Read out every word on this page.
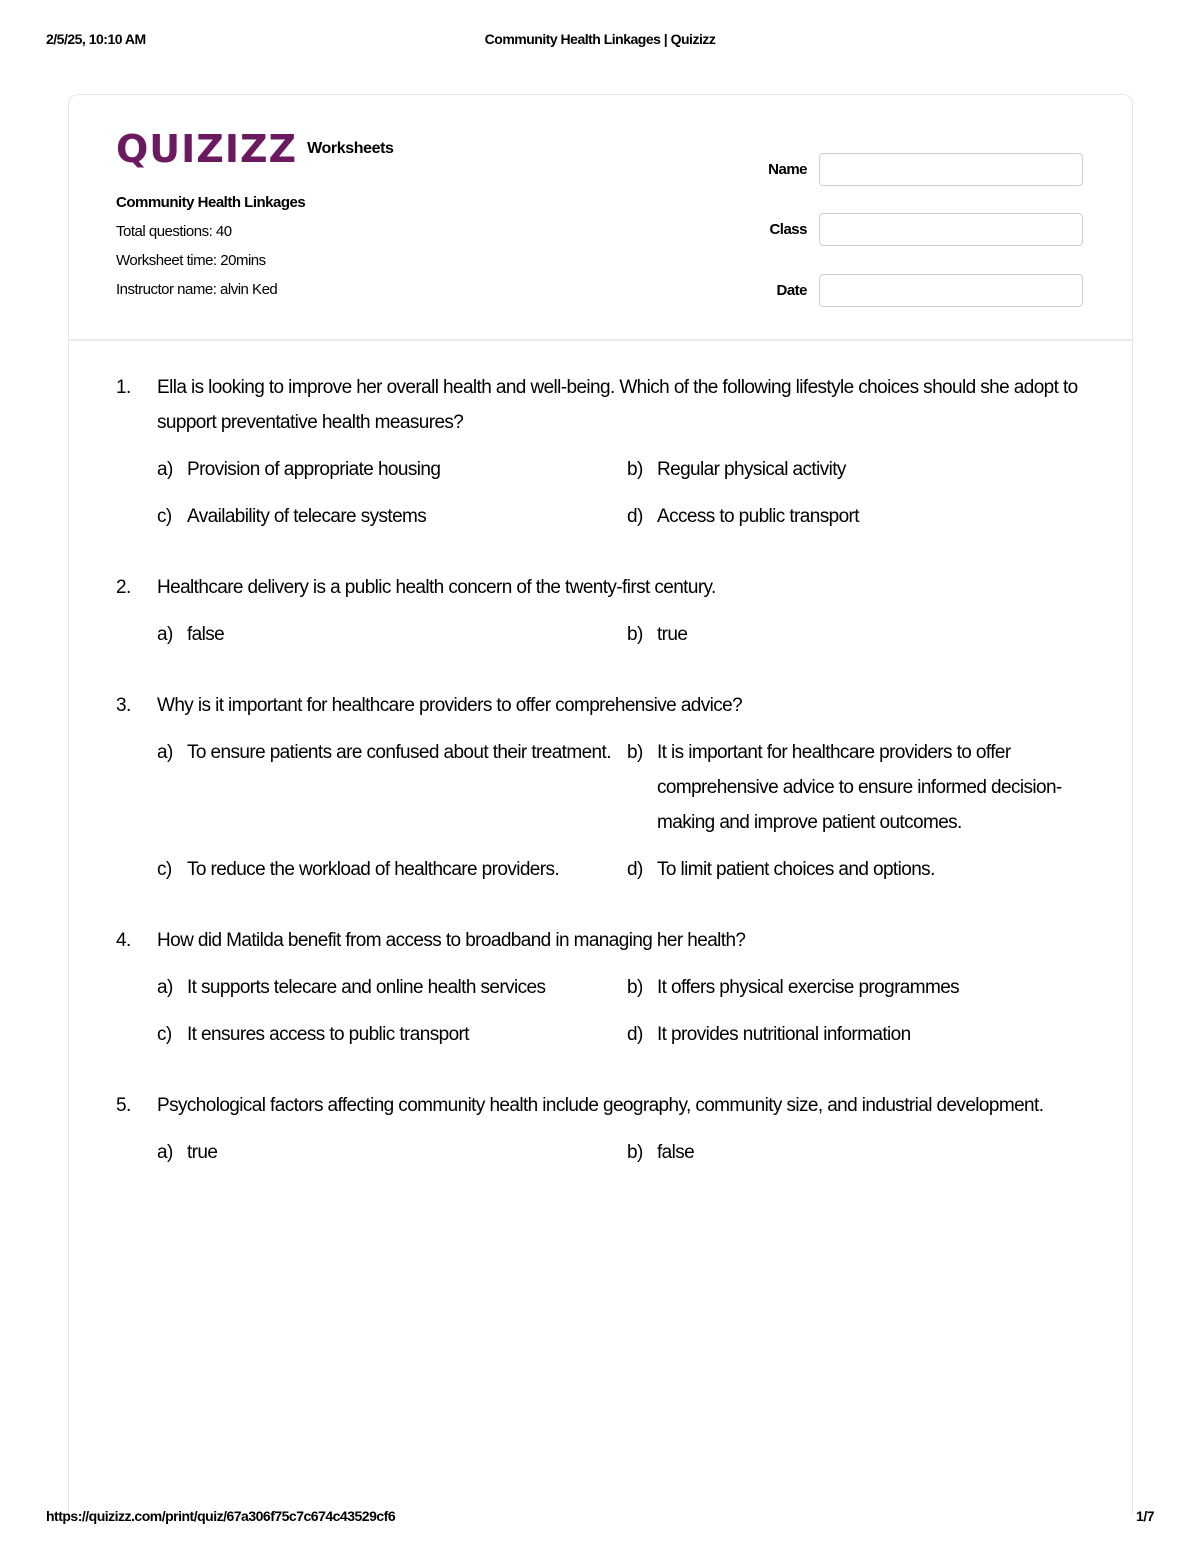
2/5/25, 10:10 AM	Community Health Linkages | Quizizz
QUIZIZZ Worksheets
Community Health Linkages
Total questions: 40
Worksheet time: 20mins
Instructor name: alvin Ked
Name
Class
Date
1.	Ella is looking to improve her overall health and well-being. Which of the following lifestyle choices should she adopt to support preventative health measures?
a) Provision of appropriate housing	b) Regular physical activity
c) Availability of telecare systems	d) Access to public transport
2.	Healthcare delivery is a public health concern of the twenty-first century.
a) false	b) true
3.	Why is it important for healthcare providers to offer comprehensive advice?
a) To ensure patients are confused about their treatment. b) It is important for healthcare providers to offer comprehensive advice to ensure informed decision-making and improve patient outcomes.
c) To reduce the workload of healthcare providers.	d) To limit patient choices and options.
4.	How did Matilda benefit from access to broadband in managing her health?
a) It supports telecare and online health services	b) It offers physical exercise programmes
c) It ensures access to public transport	d) It provides nutritional information
5.	Psychological factors affecting community health include geography, community size, and industrial development.
a) true	b) false
https://quizizz.com/print/quiz/67a306f75c7c674c43529cf6	1/7
